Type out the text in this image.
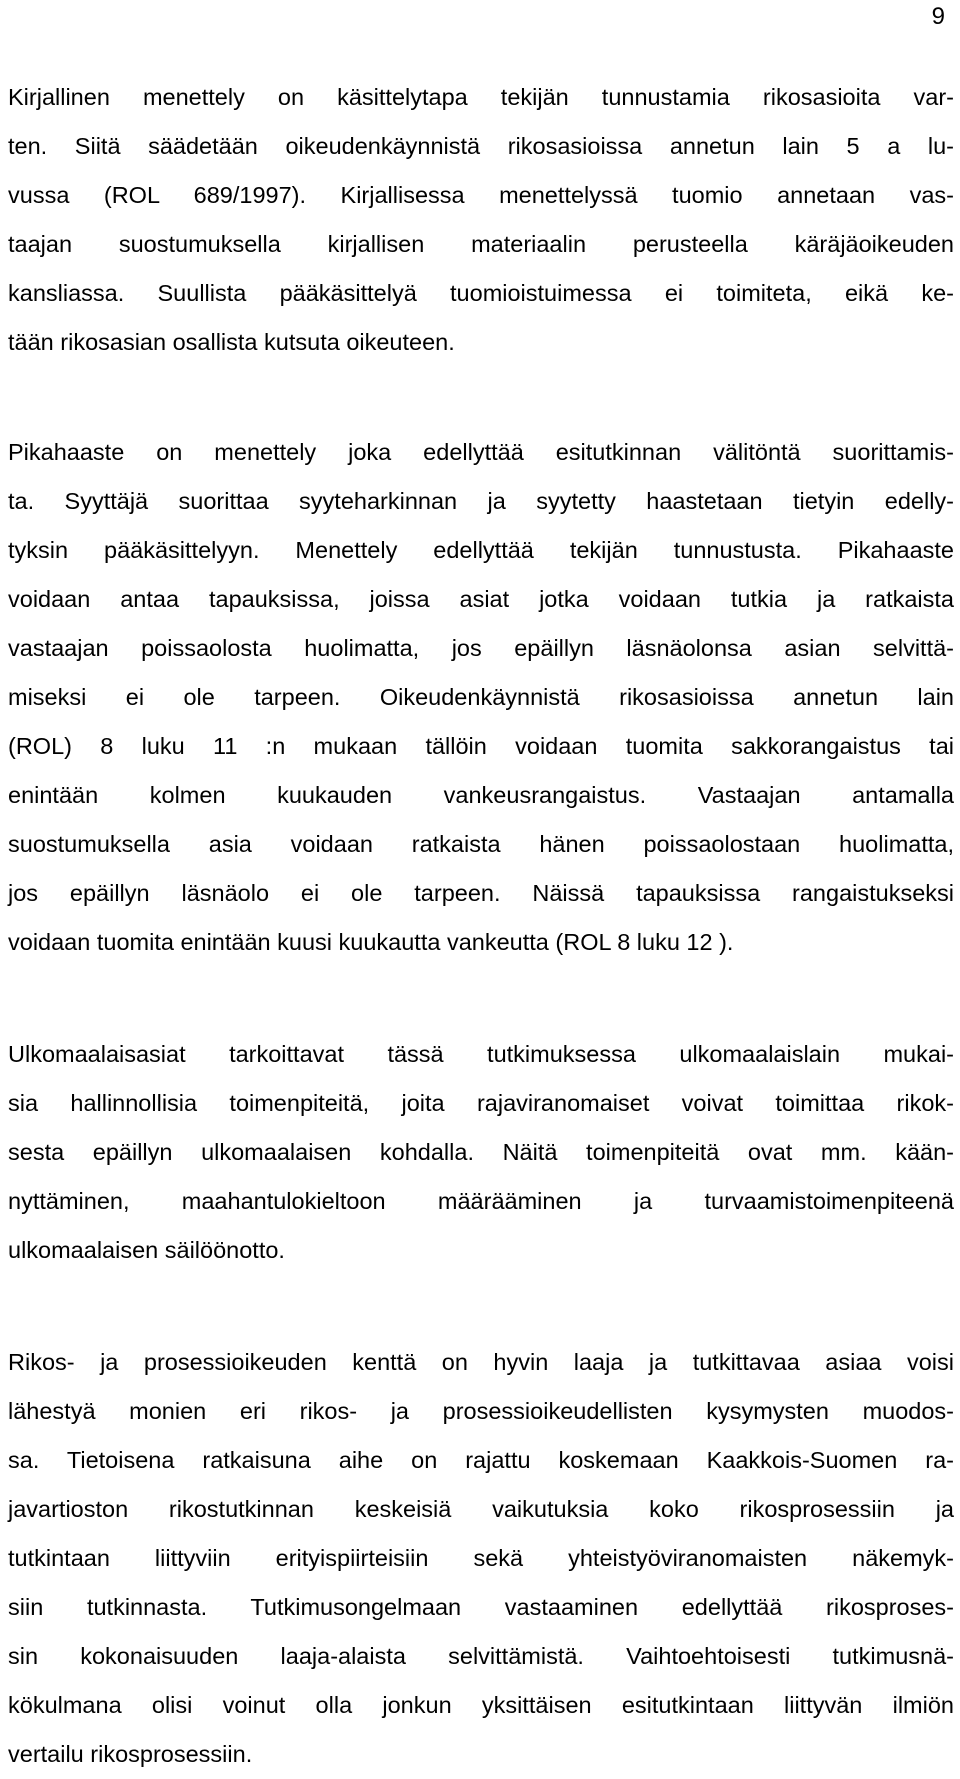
9
Kirjallinen menettely on käsittelytapa tekijän tunnustamia rikosasioita var-
ten. Siitä säädetään oikeudenkäynnistä rikosasioissa annetun lain 5 a lu-
vussa (ROL 689/1997). Kirjallisessa menettelyssä tuomio annetaan vas-
taajan suostumuksella kirjallisen materiaalin perusteella käräjäoikeuden
kansliassa. Suullista pääkäsittelyä tuomioistuimessa ei toimiteta, eikä ke-
tään rikosasian osallista kutsuta oikeuteen.
Pikahaaste on menettely joka edellyttää esitutkinnan välitöntä suorittamis-
ta. Syyttäjä suorittaa syyteharkinnan ja syytetty haastetaan tietyin edelly-
tyksin pääkäsittelyyn. Menettely edellyttää tekijän tunnustusta. Pikahaaste
voidaan antaa tapauksissa, joissa asiat jotka voidaan tutkia ja ratkaista
vastaajan poissaolosta huolimatta, jos epäillyn läsnäolonsa asian selvittä-
miseksi ei ole tarpeen. Oikeudenkäynnistä rikosasioissa annetun lain
(ROL) 8 luku 11 :n mukaan tällöin voidaan tuomita sakkorangaistus tai
enintään kolmen kuukauden vankeusrangaistus. Vastaajan antamalla
suostumuksella asia voidaan ratkaista hänen poissaolostaan huolimatta,
jos epäillyn läsnäolo ei ole tarpeen. Näissä tapauksissa rangaistukseksi
voidaan tuomita enintään kuusi kuukautta vankeutta (ROL 8 luku 12 ).
Ulkomaalaisasiat tarkoittavat tässä tutkimuksessa ulkomaalaislain mukai-
sia hallinnollisia toimenpiteitä, joita rajaviranomaiset voivat toimittaa rikok-
sesta epäillyn ulkomaalaisen kohdalla. Näitä toimenpiteitä ovat mm. kään-
nyttäminen, maahantulokieltoon määrääminen ja turvaamistoimenpiteenä
ulkomaalaisen säilöönotto.
Rikos- ja prosessioikeuden kenttä on hyvin laaja ja tutkittavaa asiaa voisi
lähestyä monien eri rikos- ja prosessioikeudellisten kysymysten muodos-
sa. Tietoisena ratkaisuna aihe on rajattu koskemaan Kaakkois-Suomen ra-
javartioston rikostutkinnan keskeisiä vaikutuksia koko rikosprosessiin ja
tutkintaan liittyviin erityispiirteisiin sekä yhteistyöviranomaisten näkemyk-
siin tutkinnasta. Tutkimusongelmaan vastaaminen edellyttää rikosproses-
sin kokonaisuuden laaja-alaista selvittämistä. Vaihtoehtoisesti tutkimusnä-
kökulmana olisi voinut olla jonkun yksittäisen esitutkintaan liittyvän ilmiön
vertailu rikosprosessiin.
